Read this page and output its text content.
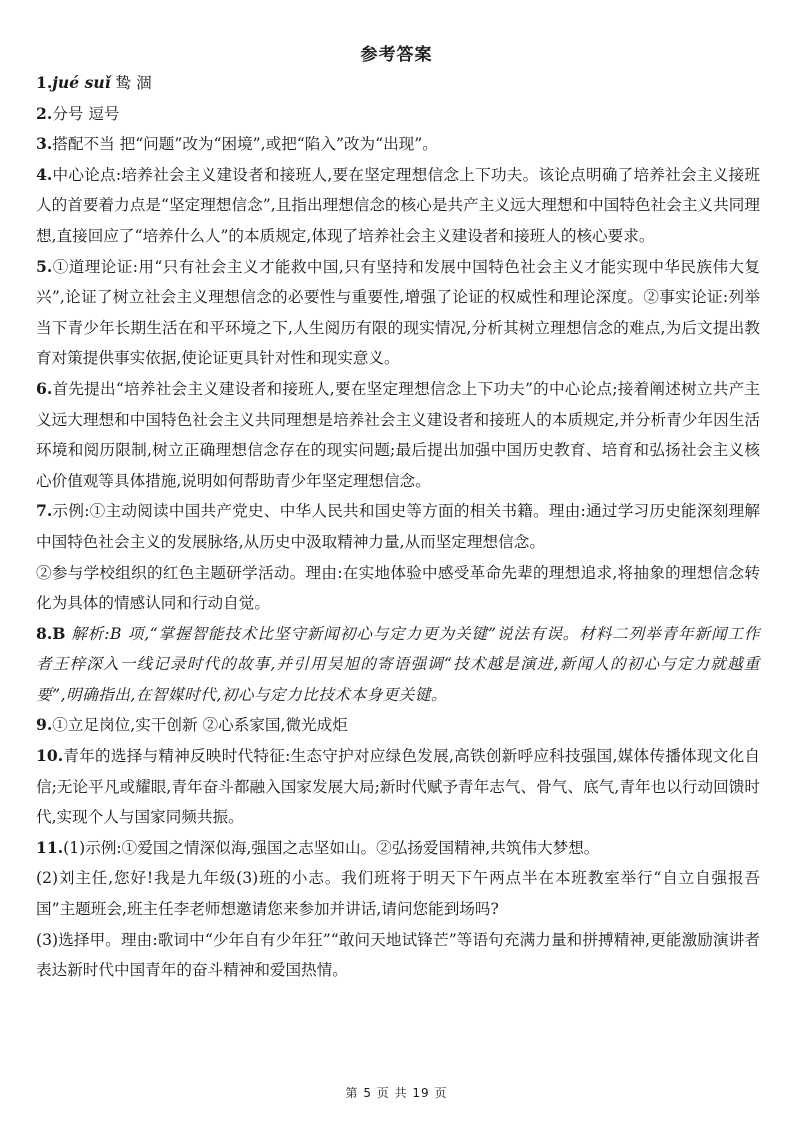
参考答案

1.jué suǐ 鸷 涸

2.分号 逗号

3.搭配不当 把“问题”改为“困境”,或把“陷入”改为“出现”。

4.中心论点:培养社会主义建设者和接班人,要在坚定理想信念上下功夫。该论点明确了培养社会主义接班人的首要着力点是“坚定理想信念”,且指出理想信念的核心是共产主义远大理想和中国特色社会主义共同理想,直接回应了“培养什么人”的本质规定,体现了培养社会主义建设者和接班人的核心要求。

5.①道理论证:用“只有社会主义才能救中国,只有坚持和发展中国特色社会主义才能实现中华民族伟大复兴”,论证了树立社会主义理想信念的必要性与重要性,增强了论证的权威性和理论深度。②事实论证:列举当下青少年长期生活在和平环境之下,人生阅历有限的现实情况,分析其树立理想信念的难点,为后文提出教育对策提供事实依据,使论证更具针对性和现实意义。

6.首先提出“培养社会主义建设者和接班人,要在坚定理想信念上下功夫”的中心论点;接着阐述树立共产主义远大理想和中国特色社会主义共同理想是培养社会主义建设者和接班人的本质规定,并分析青少年因生活环境和阅历限制,树立正确理想信念存在的现实问题;最后提出加强中国历史教育、培育和弘扬社会主义核心价值观等具体措施,说明如何帮助青少年坚定理想信念。

7.示例:①主动阅读中国共产党史、中华人民共和国史等方面的相关书籍。理由:通过学习历史能深刻理解中国特色社会主义的发展脉络,从历史中汲取精神力量,从而坚定理想信念。

②参与学校组织的红色主题研学活动。理由:在实地体验中感受革命先辈的理想追求,将抽象的理想信念转化为具体的情感认同和行动自觉。

8.B 解析:B 项,“掌握智能技术比坚守新闻初心与定力更为关键”说法有误。材料二列举青年新闻工作者王梓深入一线记录时代的故事,并引用吴旭的寄语强调“技术越是演进,新闻人的初心与定力就越重要”,明确指出,在智媒时代,初心与定力比技术本身更关键。

9.①立足岗位,实干创新 ②心系家国,微光成炬

10.青年的选择与精神反映时代特征:生态守护对应绿色发展,高铁创新呼应科技强国,媒体传播体现文化自信;无论平凡或耀眼,青年奋斗都融入国家发展大局;新时代赋予青年志气、骨气、底气,青年也以行动回馈时代,实现个人与国家同频共振。

11.(1)示例:①爱国之情深似海,强国之志坚如山。②弘扬爱国精神,共筑伟大梦想。

(2)刘主任,您好!我是九年级(3)班的小志。我们班将于明天下午两点半在本班教室举行“自立自强报吾国”主题班会,班主任李老师想邀请您来参加并讲话,请问您能到场吗?

(3)选择甲。理由:歌词中“少年自有少年狂”“敢问天地试锋芒”等语句充满力量和拼搏精神,更能激励演讲者表达新时代中国青年的奋斗精神和爱国热情。

第 5 页 共 19 页
